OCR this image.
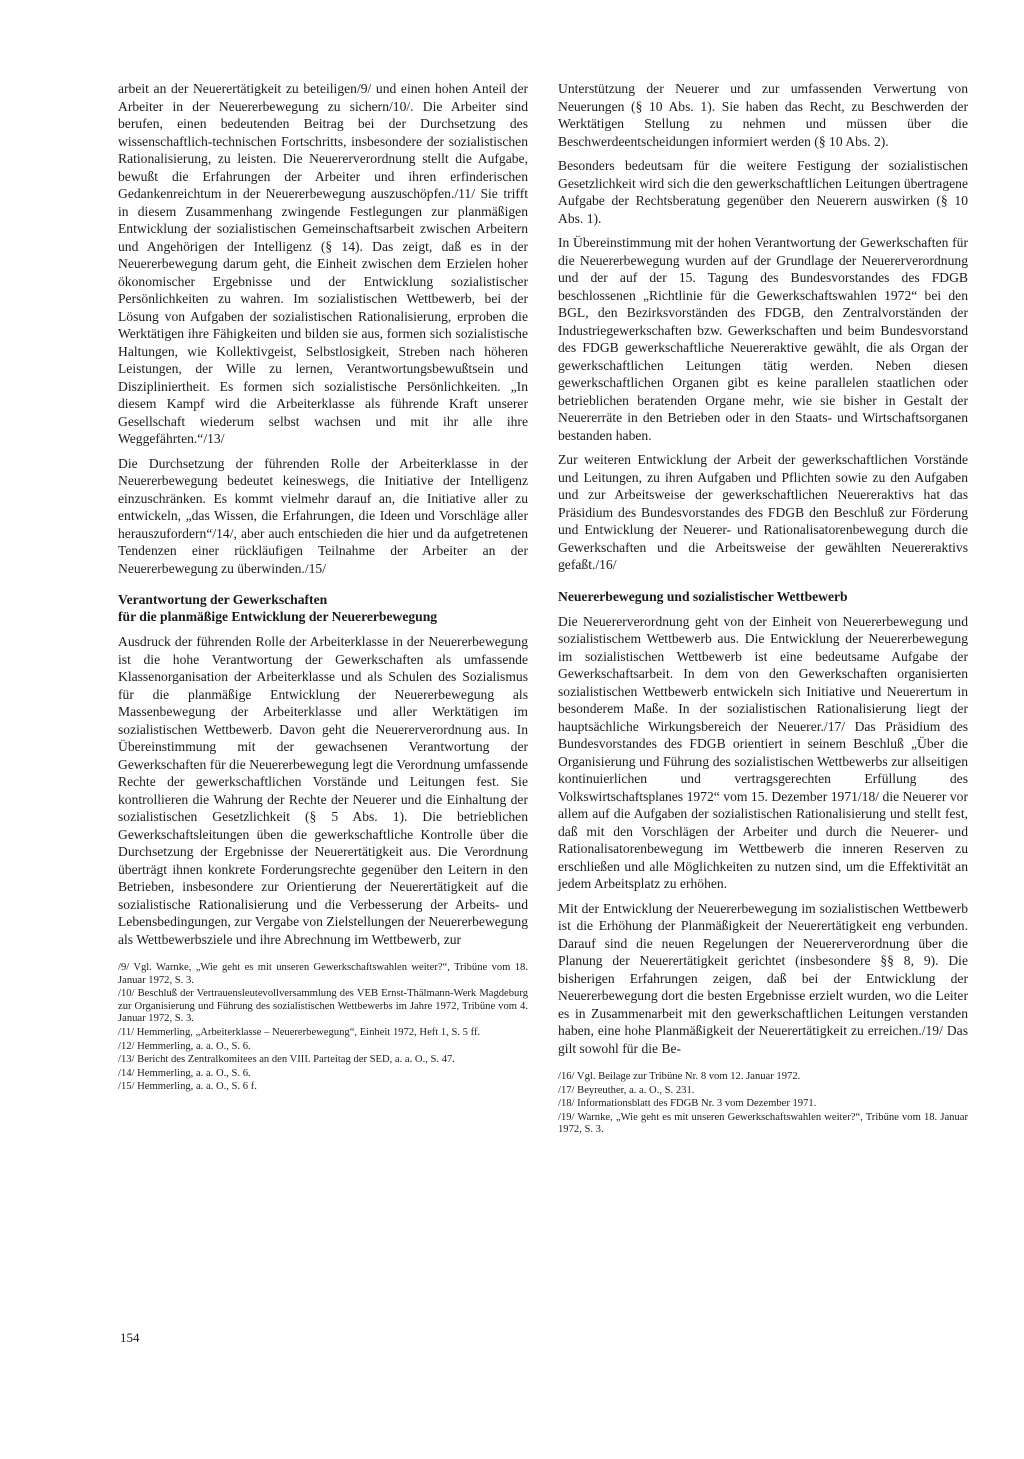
arbeit an der Neuerertätigkeit zu beteiligen/9/ und einen hohen Anteil der Arbeiter in der Neuererbewegung zu sichern/10/. Die Arbeiter sind berufen, einen bedeutenden Beitrag bei der Durchsetzung des wissenschaftlich-technischen Fortschritts, insbesondere der sozialistischen Rationalisierung, zu leisten. Die Neuererverordnung stellt die Aufgabe, bewußt die Erfahrungen der Arbeiter und ihren erfinderischen Gedankenreichtum in der Neuererbewegung auszuschöpfen./11/ Sie trifft in diesem Zusammenhang zwingende Festlegungen zur planmäßigen Entwicklung der sozialistischen Gemeinschaftsarbeit zwischen Arbeitern und Angehörigen der Intelligenz (§ 14). Das zeigt, daß es in der Neuererbewegung darum geht, die Einheit zwischen dem Erzielen hoher ökonomischer Ergebnisse und der Entwicklung sozialistischer Persönlichkeiten zu wahren. Im sozialistischen Wettbewerb, bei der Lösung von Aufgaben der sozialistischen Rationalisierung, erproben die Werktätigen ihre Fähigkeiten und bilden sie aus, formen sich sozialistische Haltungen, wie Kollektivgeist, Selbstlosigkeit, Streben nach höheren Leistungen, der Wille zu lernen, Verantwortungsbewußtsein und Diszipliniertheit. Es formen sich sozialistische Persönlichkeiten. „In diesem Kampf wird die Arbeiterklasse als führende Kraft unserer Gesellschaft wiederum selbst wachsen und mit ihr alle ihre Weggefährten.“/13/

Die Durchsetzung der führenden Rolle der Arbeiterklasse in der Neuererbewegung bedeutet keineswegs, die Initiative der Intelligenz einzuschränken. Es kommt vielmehr darauf an, die Initiative aller zu entwickeln, „das Wissen, die Erfahrungen, die Ideen und Vorschläge aller herauszufordern“/14/, aber auch entschieden die hier und da aufgetretenen Tendenzen einer rückläufigen Teilnahme der Arbeiter an der Neuererbewegung zu überwinden./15/

Verantwortung der Gewerkschaften
für die planmäßige Entwicklung der Neuererbewegung

Ausdruck der führenden Rolle der Arbeiterklasse in der Neuererbewegung ist die hohe Verantwortung der Gewerkschaften als umfassende Klassenorganisation der Arbeiterklasse und als Schulen des Sozialismus für die planmäßige Entwicklung der Neuererbewegung als Massenbewegung der Arbeiterklasse und aller Werktätigen im sozialistischen Wettbewerb. Davon geht die Neuererverordnung aus. In Übereinstimmung mit der gewachsenen Verantwortung der Gewerkschaften für die Neuererbewegung legt die Verordnung umfassende Rechte der gewerkschaftlichen Vorstände und Leitungen fest. Sie kontrollieren die Wahrung der Rechte der Neuerer und die Einhaltung der sozialistischen Gesetzlichkeit (§ 5 Abs. 1). Die betrieblichen Gewerkschaftsleitungen üben die gewerkschaftliche Kontrolle über die Durchsetzung der Ergebnisse der Neuerertätigkeit aus. Die Verordnung überträgt ihnen konkrete Forderungsrechte gegenüber den Leitern in den Betrieben, insbesondere zur Orientierung der Neuerertätigkeit auf die sozialistische Rationalisierung und die Verbesserung der Arbeits- und Lebensbedingungen, zur Vergabe von Zielstellungen der Neuererbewegung als Wettbewerbsziele und ihre Abrechnung im Wettbewerb, zur

/9/ Vgl. Warnke, „Wie geht es mit unseren Gewerkschaftswahlen weiter?“, Tribüne vom 18. Januar 1972, S. 3.

/10/ Beschluß der Vertrauensleutevollversammlung des VEB Ernst-Thälmann-Werk Magdeburg zur Organisierung und Führung des sozialistischen Wettbewerbs im Jahre 1972, Tribüne vom 4. Januar 1972, S. 3.

/11/ Hemmerling, „Arbeiterklasse – Neuererbewegung“, Einheit 1972, Heft 1, S. 5 ff.

/12/ Hemmerling, a. a. O., S. 6.

/13/ Bericht des Zentralkomitees an den VIII. Parteitag der SED, a. a. O., S. 47.

/14/ Hemmerling, a. a. O., S. 6.

/15/ Hemmerling, a. a. O., S. 6 f.

Unterstützung der Neuerer und zur umfassenden Verwertung von Neuerungen (§ 10 Abs. 1). Sie haben das Recht, zu Beschwerden der Werktätigen Stellung zu nehmen und müssen über die Beschwerdeentscheidungen informiert werden (§ 10 Abs. 2).

Besonders bedeutsam für die weitere Festigung der sozialistischen Gesetzlichkeit wird sich die den gewerkschaftlichen Leitungen übertragene Aufgabe der Rechtsberatung gegenüber den Neuerern auswirken (§ 10 Abs. 1).

In Übereinstimmung mit der hohen Verantwortung der Gewerkschaften für die Neuererbewegung wurden auf der Grundlage der Neuererverordnung und der auf der 15. Tagung des Bundesvorstandes des FDGB beschlossenen „Richtlinie für die Gewerkschaftswahlen 1972“ bei den BGL, den Bezirksvorständen des FDGB, den Zentralvorständen der Industriegewerkschaften bzw. Gewerkschaften und beim Bundesvorstand des FDGB gewerkschaftliche Neuereraktive gewählt, die als Organ der gewerkschaftlichen Leitungen tätig werden. Neben diesen gewerkschaftlichen Organen gibt es keine parallelen staatlichen oder betrieblichen beratenden Organe mehr, wie sie bisher in Gestalt der Neuererräte in den Betrieben oder in den Staats- und Wirtschaftsorganen bestanden haben.

Zur weiteren Entwicklung der Arbeit der gewerkschaftlichen Vorstände und Leitungen, zu ihren Aufgaben und Pflichten sowie zu den Aufgaben und zur Arbeitsweise der gewerkschaftlichen Neuereraktivs hat das Präsidium des Bundesvorstandes des FDGB den Beschluß zur Förderung und Entwicklung der Neuerer- und Rationalisatorenbewegung durch die Gewerkschaften und die Arbeitsweise der gewählten Neuereraktivs gefaßt./16/

Neuererbewegung und sozialistischer Wettbewerb

Die Neuererverordnung geht von der Einheit von Neuererbewegung und sozialistischem Wettbewerb aus. Die Entwicklung der Neuererbewegung im sozialistischen Wettbewerb ist eine bedeutsame Aufgabe der Gewerkschaftsarbeit. In dem von den Gewerkschaften organisierten sozialistischen Wettbewerb entwickeln sich Initiative und Neuerertum in besonderem Maße. In der sozialistischen Rationalisierung liegt der hauptsächliche Wirkungsbereich der Neuerer./17/ Das Präsidium des Bundesvorstandes des FDGB orientiert in seinem Beschluß „Über die Organisierung und Führung des sozialistischen Wettbewerbs zur allseitigen kontinuierlichen und vertragsgerechten Erfüllung des Volkswirtschaftsplanes 1972“ vom 15. Dezember 1971/18/ die Neuerer vor allem auf die Aufgaben der sozialistischen Rationalisierung und stellt fest, daß mit den Vorschlägen der Arbeiter und durch die Neuerer- und Rationalisatorenbewegung im Wettbewerb die inneren Reserven zu erschließen und alle Möglichkeiten zu nutzen sind, um die Effektivität an jedem Arbeitsplatz zu erhöhen.

Mit der Entwicklung der Neuererbewegung im sozialistischen Wettbewerb ist die Erhöhung der Planmäßigkeit der Neuerertätigkeit eng verbunden. Darauf sind die neuen Regelungen der Neuererverordnung über die Planung der Neuerertätigkeit gerichtet (insbesondere §§ 8, 9). Die bisherigen Erfahrungen zeigen, daß bei der Entwicklung der Neuererbewegung dort die besten Ergebnisse erzielt wurden, wo die Leiter es in Zusammenarbeit mit den gewerkschaftlichen Leitungen verstanden haben, eine hohe Planmäßigkeit der Neuerertätigkeit zu erreichen./19/ Das gilt sowohl für die Be-

/16/ Vgl. Beilage zur Tribüne Nr. 8 vom 12. Januar 1972.

/17/ Beyreuther, a. a. O., S. 231.

/18/ Informationsblatt des FDGB Nr. 3 vom Dezember 1971.

/19/ Warnke, „Wie geht es mit unseren Gewerkschaftswahlen weiter?“, Tribüne vom 18. Januar 1972, S. 3.

154
